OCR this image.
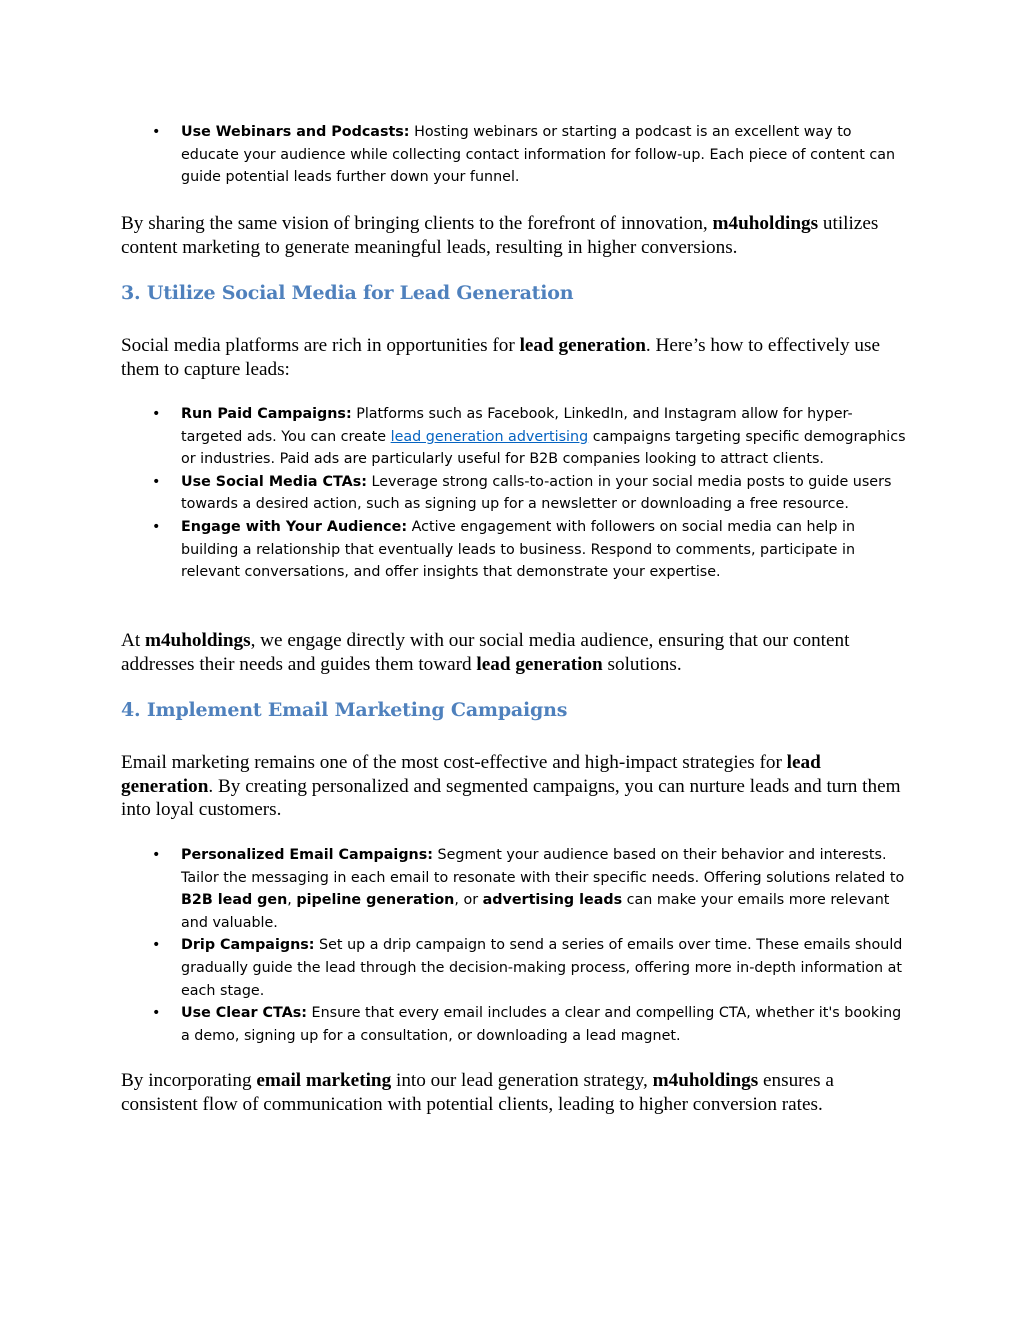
• Use Webinars and Podcasts: Hosting webinars or starting a podcast is an excellent way to educate your audience while collecting contact information for follow-up. Each piece of content can guide potential leads further down your funnel.

By sharing the same vision of bringing clients to the forefront of innovation, m4uholdings utilizes content marketing to generate meaningful leads, resulting in higher conversions.

3. Utilize Social Media for Lead Generation

Social media platforms are rich in opportunities for lead generation. Here’s how to effectively use them to capture leads:

• Run Paid Campaigns: Platforms such as Facebook, LinkedIn, and Instagram allow for hyper-targeted ads. You can create lead generation advertising campaigns targeting specific demographics or industries. Paid ads are particularly useful for B2B companies looking to attract clients.
• Use Social Media CTAs: Leverage strong calls-to-action in your social media posts to guide users towards a desired action, such as signing up for a newsletter or downloading a free resource.
• Engage with Your Audience: Active engagement with followers on social media can help in building a relationship that eventually leads to business. Respond to comments, participate in relevant conversations, and offer insights that demonstrate your expertise.

At m4uholdings, we engage directly with our social media audience, ensuring that our content addresses their needs and guides them toward lead generation solutions.

4. Implement Email Marketing Campaigns

Email marketing remains one of the most cost-effective and high-impact strategies for lead generation. By creating personalized and segmented campaigns, you can nurture leads and turn them into loyal customers.

• Personalized Email Campaigns: Segment your audience based on their behavior and interests. Tailor the messaging in each email to resonate with their specific needs. Offering solutions related to B2B lead gen, pipeline generation, or advertising leads can make your emails more relevant and valuable.
• Drip Campaigns: Set up a drip campaign to send a series of emails over time. These emails should gradually guide the lead through the decision-making process, offering more in-depth information at each stage.
• Use Clear CTAs: Ensure that every email includes a clear and compelling CTA, whether it's booking a demo, signing up for a consultation, or downloading a lead magnet.

By incorporating email marketing into our lead generation strategy, m4uholdings ensures a consistent flow of communication with potential clients, leading to higher conversion rates.
